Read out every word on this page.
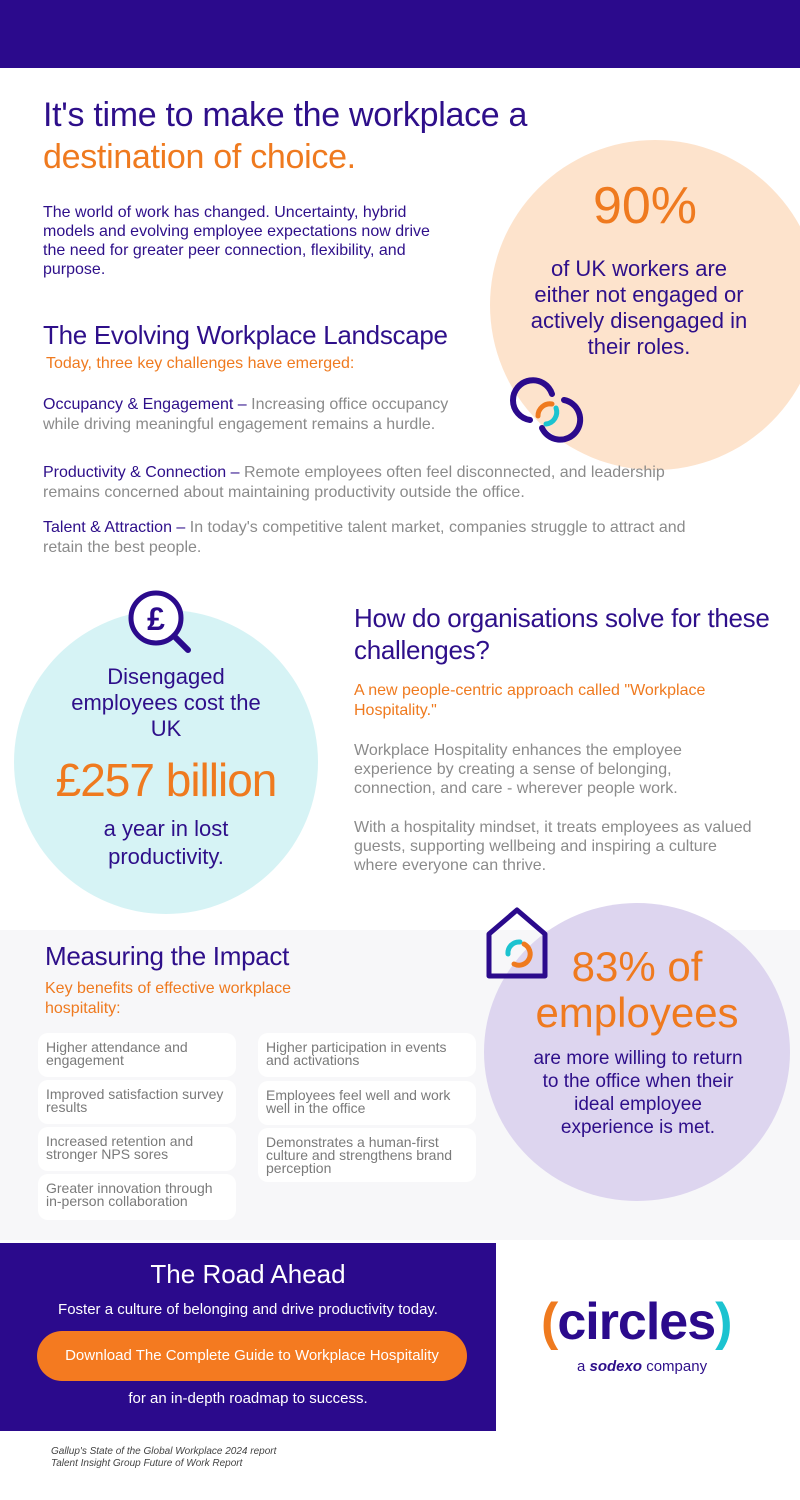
It's time to make the workplace a
destination of choice.
The world of work has changed. Uncertainty, hybrid models and evolving employee expectations now drive the need for greater peer connection, flexibility, and purpose.
90%
of UK workers are either not engaged or actively disengaged in their roles.
The Evolving Workplace Landscape
Today, three key challenges have emerged:
Occupancy & Engagement – Increasing office occupancy while driving meaningful engagement remains a hurdle.
Productivity & Connection – Remote employees often feel disconnected, and leadership remains concerned about maintaining productivity outside the office.
Talent & Attraction – In today's competitive talent market, companies struggle to attract and retain the best people.
£
Disengaged employees cost the UK
£257 billion
a year in lost productivity.
How do organisations solve for these challenges?
A new people-centric approach called "Workplace Hospitality."
Workplace Hospitality enhances the employee experience by creating a sense of belonging, connection, and care - wherever people work.
With a hospitality mindset, it treats employees as valued guests, supporting wellbeing and inspiring a culture where everyone can thrive.
Measuring the Impact
Key benefits of effective workplace hospitality:
Higher attendance and engagement
Improved satisfaction survey results
Increased retention and stronger NPS sores
Greater innovation through in-person collaboration
Higher participation in events and activations
Employees feel well and work well in the office
Demonstrates a human-first culture and strengthens brand perception
83% of employees
are more willing to return to the office when their ideal employee experience is met.
The Road Ahead
Foster a culture of belonging and drive productivity today.
Download The Complete Guide to Workplace Hospitality
for an in-depth roadmap to success.
(circles)
a sodexo company
Gallup's State of the Global Workplace 2024 report
Talent Insight Group Future of Work Report
